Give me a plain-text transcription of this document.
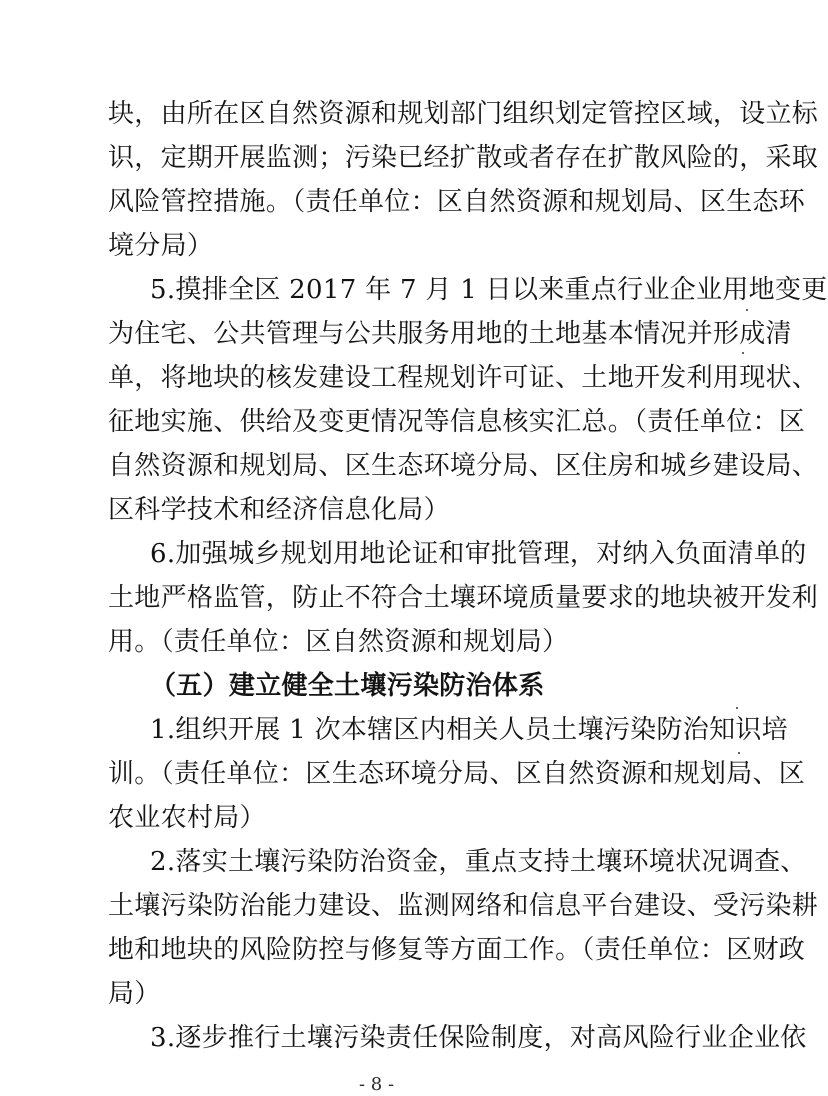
块，由所在区自然资源和规划部门组织划定管控区域，设立标
识，定期开展监测；污染已经扩散或者存在扩散风险的，采取
风险管控措施。（责任单位：区自然资源和规划局、区生态环
境分局）
5.摸排全区 2017 年 7 月 1 日以来重点行业企业用地变更
为住宅、公共管理与公共服务用地的土地基本情况并形成清
单，将地块的核发建设工程规划许可证、土地开发利用现状、
征地实施、供给及变更情况等信息核实汇总。（责任单位：区
自然资源和规划局、区生态环境分局、区住房和城乡建设局、
区科学技术和经济信息化局）
6.加强城乡规划用地论证和审批管理，对纳入负面清单的
土地严格监管，防止不符合土壤环境质量要求的地块被开发利
用。（责任单位：区自然资源和规划局）
（五）建立健全土壤污染防治体系
1.组织开展 1 次本辖区内相关人员土壤污染防治知识培
训。（责任单位：区生态环境分局、区自然资源和规划局、区
农业农村局）
2.落实土壤污染防治资金，重点支持土壤环境状况调查、
土壤污染防治能力建设、监测网络和信息平台建设、受污染耕
地和地块的风险防控与修复等方面工作。（责任单位：区财政
局）
3.逐步推行土壤污染责任保险制度，对高风险行业企业依
- 8 -
